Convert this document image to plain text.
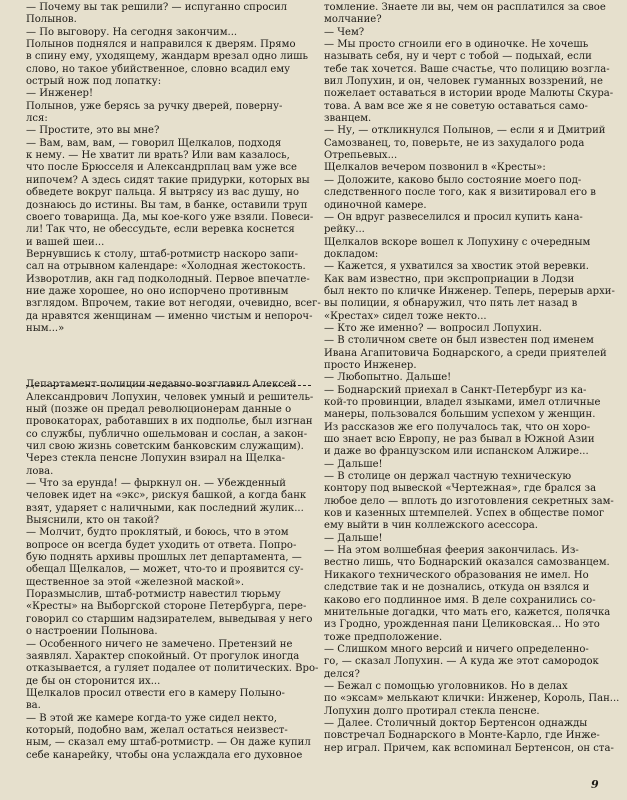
— Почему вы так решили? — испуганно спросил

Полынов.

— По выговору. На сегодня закончим...

Полынов поднялся и направился к дверям. Прямо

в спину ему, уходящему, жандарм врезал одно лишь

слово, но такое убийственное, словно всадил ему

острый нож под лопатку:

— Инженер!

Полынов, уже берясь за ручку дверей, поверну-

лся:

— Простите, это вы мне?

— Вам, вам, вам, — говорил Щелкалов, подходя

к нему. — Не хватит ли врать? Или вам казалось,

что после Брюсселя и Александрплац вам уже все

нипочем? А здесь сидят такие придурки, которых вы

обведете вокруг пальца. Я вытрясу из вас душу, но

дознаюсь до истины. Вы там, в банке, оставили труп

своего товарища. Да, мы кое-кого уже взяли. Повеси-

ли! Так что, не обессудьте, если веревка коснется

и вашей шеи...

Вернувшись к столу, штаб-ротмистр наскоро запи-

сал на отрывном календаре: «Холодная жестокость.

Изворотлив, акн гад подколодный. Первое впечатле-

ние даже хорошее, но оно испорчено противным

взглядом. Впрочем, такие вот негодяи, очевидно, всег-

да нравятся женщинам — именно чистым и непороч-

ным...»

Департамент полиции недавно возглавил Алексей

Александрович Лопухин, человек умный и решитель-

ный (позже он предал революционерам данные о

провокаторах, работавших в их подполье, был изгнан

со службы, публично ошельмован и сослан, а закон-

чил свою жизнь советским банковским служащим).

Через стекла пенсне Лопухин взирал на Щелка-

лова.

— Что за ерунда! — фыркнул он. — Убежденный

человек идет на «экс», рискуя башкой, а когда банк

взят, ударяет с наличными, как последний жулик...

Выяснили, кто он такой?

— Молчит, будто проклятый, и боюсь, что в этом

вопросе он всегда будет уходить от ответа. Попро-

бую поднять архивы прошлых лет департамента, —

обещал Щелкалов, — может, что-то и проявится су-

щественное за этой «железной маской».

Поразмыслив, штаб-ротмистр навестил тюрьму

«Кресты» на Выборгской стороне Петербурга, пере-

говорил со старшим надзирателем, выведывая у него

о настроении Полынова.

— Особенного ничего не замечено. Претензий не

заявлял. Характер спокойный. От прогулок иногда

отказывается, а гуляет подалее от политических. Вро-

де бы он сторонится их...

Щелкалов просил отвести его в камеру Полыно-

ва.

— В этой же камере когда-то уже сидел некто,

который, подобно вам, желал остаться неизвест-

ным, — сказал ему штаб-ротмистр. — Он даже купил

себе канарейку, чтобы она услаждала его духовное

томление. Знаете ли вы, чем он расплатился за свое

молчание?

— Чем?

— Мы просто сгноили его в одиночке. Не хочешь

называть себя, ну и черт с тобой — подыхай, если

тебе так хочется. Ваше счастье, что полицию возгла-

вил Лопухин, и он, человек гуманных воззрений, не

пожелает оставаться в истории вроде Малюты Скура-

това. А вам все же я не советую оставаться само-

званцем.

— Ну, — откликнулся Полынов, — если я и Дмитрий

Самозванец, то, поверьте, не из захудалого рода

Отрепьевых...

Щелкалов вечером позвонил в «Кресты»:

— Доложите, каково было состояние моего под-

следственного после того, как я визитировал его в

одиночной камере.

— Он вдруг развеселился и просил купить кана-

рейку...

Щелкалов вскоре вошел к Лопухину с очередным

докладом:

— Кажется, я ухватился за хвостик этой веревки.

Как вам известно, при экспроприации в Лодзи

был некто по кличке Инженер. Теперь, перерыв архи-

вы полиции, я обнаружил, что пять лет назад в

«Крестах» сидел тоже некто...

— Кто же именно? — вопросил Лопухин.

— В столичном свете он был известен под именем

Ивана Агапитовича Боднарского, а среди приятелей

просто Инженер.

— Любопытно. Дальше!

— Боднарский приехал в Санкт-Петербург из ка-

кой-то провинции, владел языками, имел отличные

манеры, пользовался большим успехом у женщин.

Из рассказов же его получалось так, что он хоро-

шо знает всю Европу, не раз бывал в Южной Азии

и даже во французском или испанском Алжире...

— Дальше!

— В столице он держал частную техническую

контору под вывеской «Чертежная», где брался за

любое дело — вплоть до изготовления секретных зам-

ков и казенных штемпелей. Успех в обществе помог

ему выйти в чин коллежского асессора.

— Дальше!

— На этом волшебная феерия закончилась. Из-

вестно лишь, что Боднарский оказался самозванцем.

Никакого технического образования не имел. Но

следствие так и не дознались, откуда он взялся и

каково его подлинное имя. В деле сохранились со-

мнительные догадки, что мать его, кажется, полячка

из Гродно, урожденная пани Целиковская... Но это

тоже предположение.

— Слишком много версий и ничего определенно-

го, — сказал Лопухин. — А куда же этот самородок

делся?

— Бежал с помощью уголовников. Но в делах

по «эксам» мелькают клички: Инженер, Король, Пан...

Лопухин долго протирал стекла пенсне.

— Далее. Столичный доктор Бертенсон однажды

повстречал Боднарского в Монте-Карло, где Инже-

нер играл. Причем, как вспоминал Бертенсон, он ста-

9
